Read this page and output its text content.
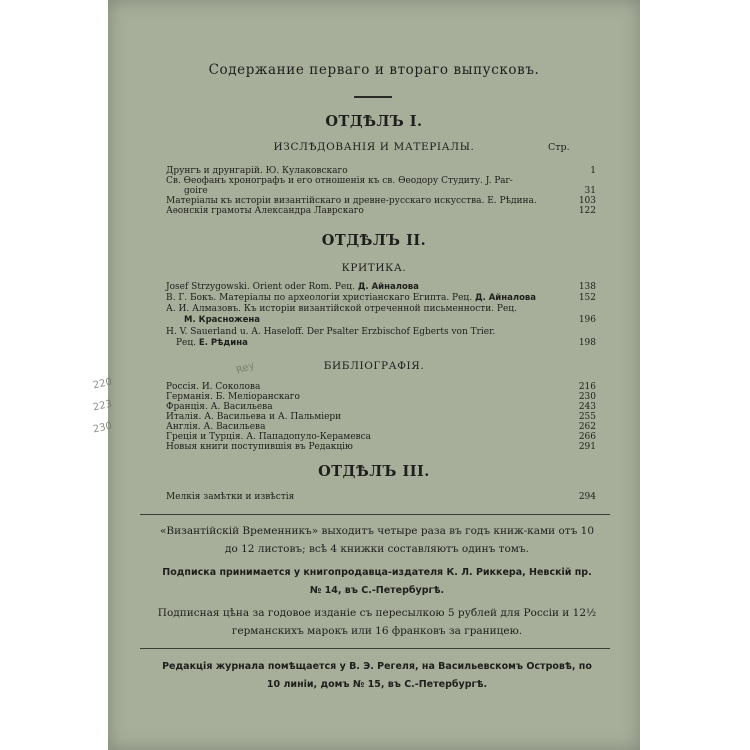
Rey
220
223
230
Содержание перваго и втораго выпусковъ.
ОТДѢЛЪ I.
ИЗСЛѢДОВАНІЯ И МАТЕРІАЛЫ.	Стр.
Друнгъ и друнгарій. Ю. Кулаковскаго	1
Св. Ѳеофанъ хронографъ и его отношенія къ св. Ѳеодору Студиту. J. Par-
goire	31
Матеріалы къ исторіи византійскаго и древне-русскаго искусства. Е. Рѣдина.	103
Аѳонскія грамоты Александра Лаврскаго	122
ОТДѢЛЪ II.
КРИТИКА.
Josef Strzygowski. Orient oder Rom. Рец. Д. Айналова	138
В. Г. Бокъ. Матеріалы по археологіи христіанскаго Египта. Рец. Д. Айналова	152
А. И. Алмазовъ. Къ исторіи византійской отреченной письменности. Рец.
М. Красножена	196
H. V. Sauerland u. A. Haseloff. Der Psalter Erzbischof Egberts von Trier.
Рец. Е. Рѣдина	198
БИБЛІОГРАФІЯ.
Россія. И. Соколова	216
Германія. Б. Меліоранскаго	230
Франція. А. Васильева	243
Италія. А. Васильева и А. Пальміери	255
Англія. А. Васильева	262
Греція и Турція. А. Пападопуло-Керамевса	266
Новыя книги поступившія въ Редакцію	291
ОТДѢЛЪ III.
Мелкія замѣтки и извѣстія	294
«Византійскій Временникъ» выходитъ четыре раза въ годъ книж-ками отъ 10 до 12 листовъ; всѣ 4 книжки составляютъ одинъ томъ.
Подписка принимается у книгопродавца-издателя К. Л. Риккера, Невскій пр. № 14, въ С.-Петербургѣ.
Подписная цѣна за годовое изданіе съ пересылкою 5 рублей для Россіи и 12½ германскихъ марокъ или 16 франковъ за границею.
Редакція журнала помѣщается у В. Э. Регеля, на Васильевскомъ Островѣ, по 10 линіи, домъ № 15, въ С.-Петербургѣ.
